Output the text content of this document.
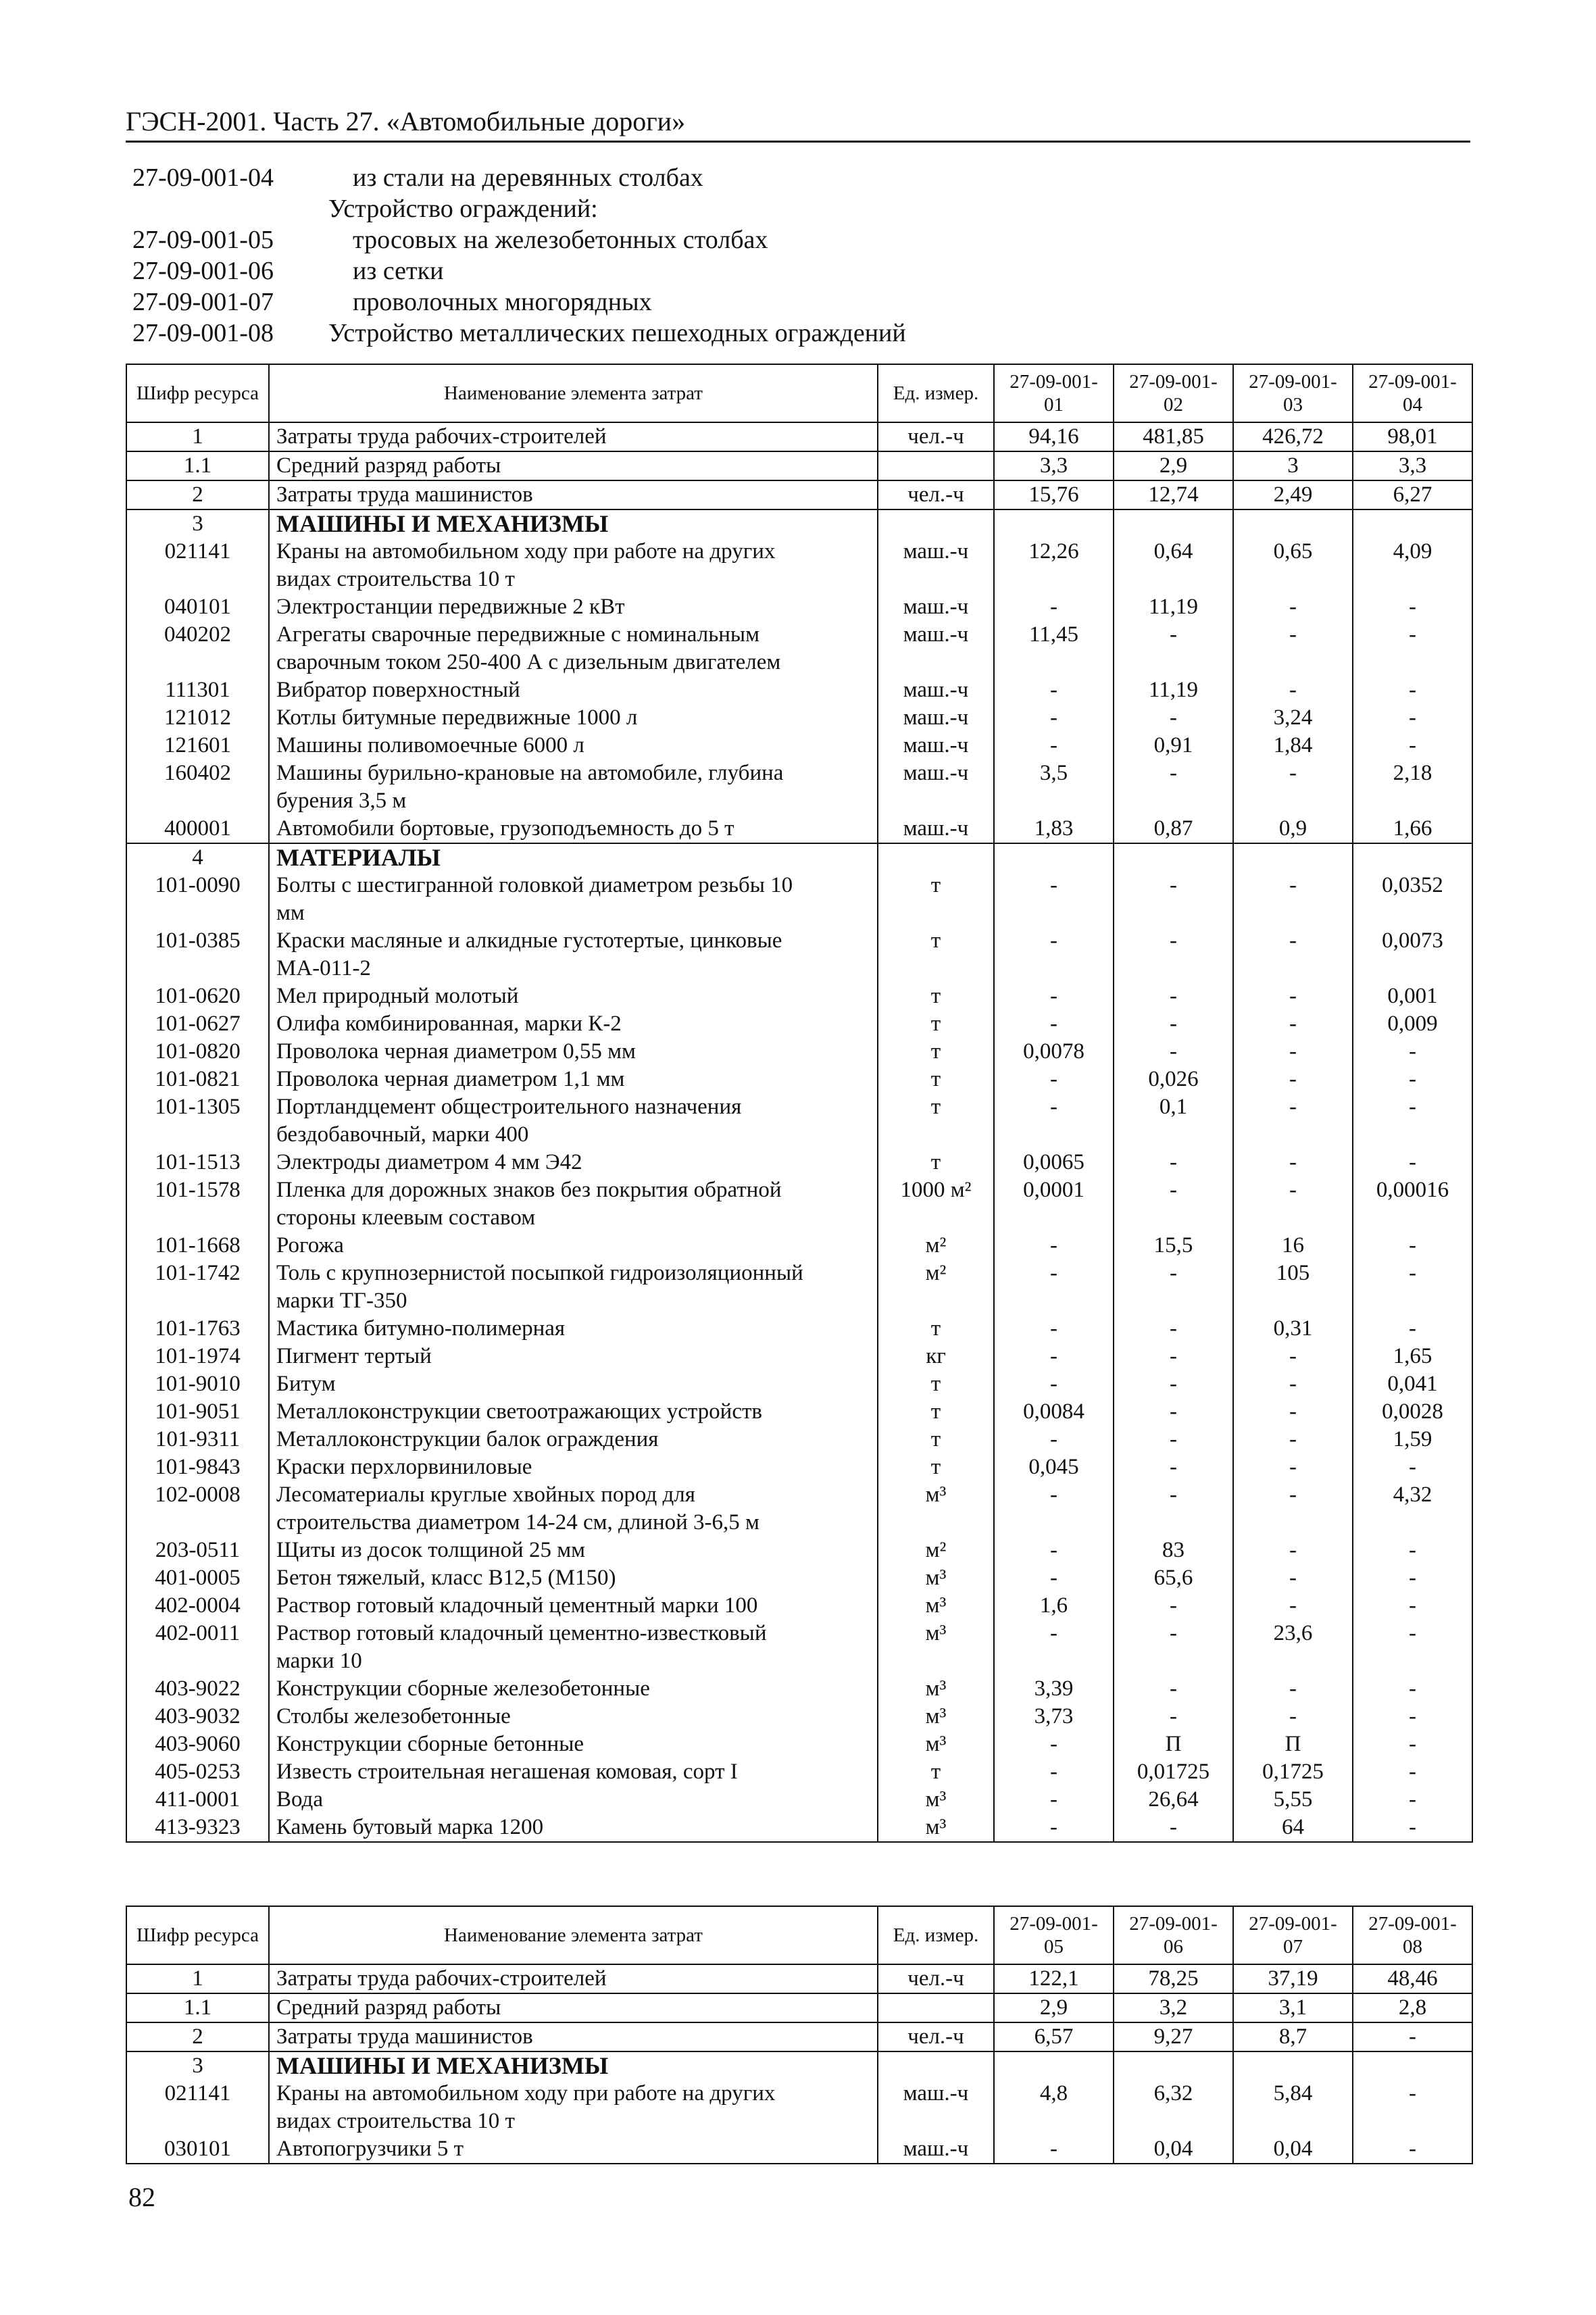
ГЭСН-2001. Часть 27. «Автомобильные дороги»
27-09-001-04	из стали на деревянных столбах
Устройство ограждений:
27-09-001-05	тросовых на железобетонных столбах
27-09-001-06	из сетки
27-09-001-07	проволочных многорядных
27-09-001-08 Устройство металлических пешеходных ограждений
Шифр ресурса	Наименование элемента затрат	Ед. измер.	27-09-001-01	27-09-001-02	27-09-001-03	27-09-001-04
1	Затраты труда рабочих-строителей	чел.-ч	94,16	481,85	426,72	98,01
1.1	Средний разряд работы		3,3	2,9	3	3,3
2	Затраты труда машинистов	чел.-ч	15,76	12,74	2,49	6,27
3	МАШИНЫ И МЕХАНИЗМЫ					

021141	Краны на автомобильном ходу при работе на других
видах строительства 10 т	маш.-ч	12,26	0,64	0,65	4,09
040101	Электростанции передвижные 2 кВт	маш.-ч	-	11,19	-	-
040202	Агрегаты сварочные передвижные с номинальным
сварочным током 250-400 А с дизельным двигателем	маш.-ч	11,45	-	-	-
111301	Вибратор поверхностный	маш.-ч	-	11,19	-	-
121012	Котлы битумные передвижные 1000 л	маш.-ч	-	-	3,24	-
121601	Машины поливомоечные 6000 л	маш.-ч	-	0,91	1,84	-
160402	Машины бурильно-крановые на автомобиле, глубина
бурения 3,5 м	маш.-ч	3,5	-	-	2,18
400001	Автомобили бортовые, грузоподъемность до 5 т	маш.-ч	1,83	0,87	0,9	1,66
4	МАТЕРИАЛЫ					

101-0090	Болты с шестигранной головкой диаметром резьбы 10
мм	т	-	-	-	0,0352
101-0385	Краски масляные и алкидные густотертые, цинковые
МА-011-2	т	-	-	-	0,0073
101-0620	Мел природный молотый	т	-	-	-	0,001
101-0627	Олифа комбинированная, марки К-2	т	-	-	-	0,009
101-0820	Проволока черная диаметром 0,55 мм	т	0,0078	-	-	-
101-0821	Проволока черная диаметром 1,1 мм	т	-	0,026	-	-
101-1305	Портландцемент общестроительного назначения
бездобавочный, марки 400	т	-	0,1	-	-
101-1513	Электроды диаметром 4 мм Э42	т	0,0065	-	-	-
101-1578	Пленка для дорожных знаков без покрытия обратной
стороны клеевым составом	1000 м²	0,0001	-	-	0,00016
101-1668	Рогожа	м²	-	15,5	16	-
101-1742	Толь с крупнозернистой посыпкой гидроизоляционный
марки ТГ-350	м²	-	-	105	-
101-1763	Мастика битумно-полимерная	т	-	-	0,31	-
101-1974	Пигмент тертый	кг	-	-	-	1,65
101-9010	Битум	т	-	-	-	0,041
101-9051	Металлоконструкции светоотражающих устройств	т	0,0084	-	-	0,0028
101-9311	Металлоконструкции балок ограждения	т	-	-	-	1,59
101-9843	Краски перхлорвиниловые	т	0,045	-	-	-
102-0008	Лесоматериалы круглые хвойных пород для
строительства диаметром 14-24 см, длиной 3-6,5 м	м³	-	-	-	4,32
203-0511	Щиты из досок толщиной 25 мм	м²	-	83	-	-
401-0005	Бетон тяжелый, класс В12,5 (М150)	м³	-	65,6	-	-
402-0004	Раствор готовый кладочный цементный марки 100	м³	1,6	-	-	-
402-0011	Раствор готовый кладочный цементно-известковый
марки 10	м³	-	-	23,6	-
403-9022	Конструкции сборные железобетонные	м³	3,39	-	-	-
403-9032	Столбы железобетонные	м³	3,73	-	-	-
403-9060	Конструкции сборные бетонные	м³	-	П	П	-
405-0253	Известь строительная негашеная комовая, сорт I	т	-	0,01725	0,1725	-
411-0001	Вода	м³	-	26,64	5,55	-
413-9323	Камень бутовый марка 1200	м³	-	-	64	-
Шифр ресурса	Наименование элемента затрат	Ед. измер.	27-09-001-05	27-09-001-06	27-09-001-07	27-09-001-08
1	Затраты труда рабочих-строителей	чел.-ч	122,1	78,25	37,19	48,46
1.1	Средний разряд работы		2,9	3,2	3,1	2,8
2	Затраты труда машинистов	чел.-ч	6,57	9,27	8,7	-
3	МАШИНЫ И МЕХАНИЗМЫ					

021141	Краны на автомобильном ходу при работе на других
видах строительства 10 т	маш.-ч	4,8	6,32	5,84	-
030101	Автопогрузчики 5 т	маш.-ч	-	0,04	0,04	-
82
